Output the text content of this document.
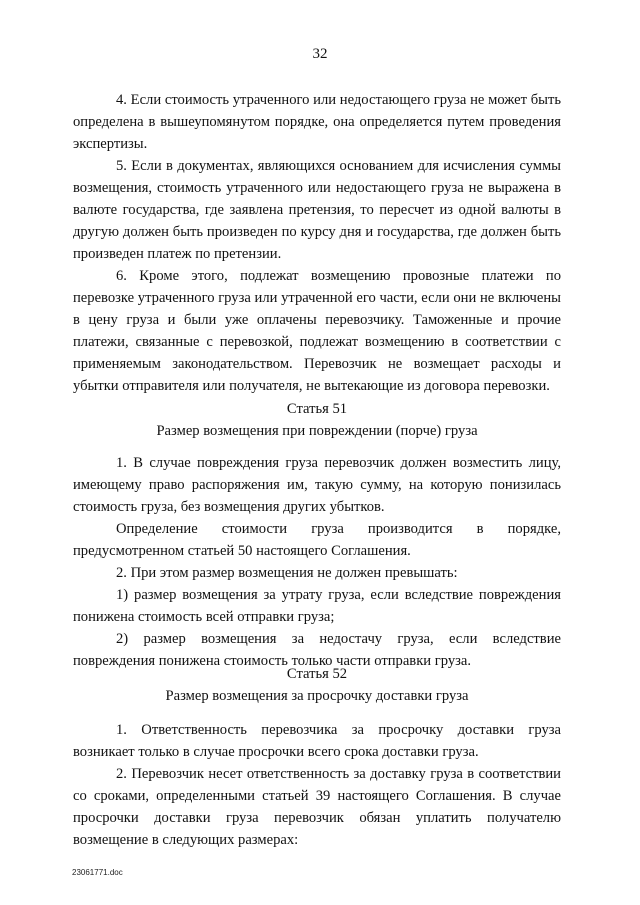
32

4. Если стоимость утраченного или недостающего груза не может быть определена в вышеупомянутом порядке, она определяется путем проведения экспертизы.

5. Если в документах, являющихся основанием для исчисления суммы возмещения, стоимость утраченного или недостающего груза не выражена в валюте государства, где заявлена претензия, то пересчет из одной валюты в другую должен быть произведен по курсу дня и государства, где должен быть произведен платеж по претензии.

6. Кроме этого, подлежат возмещению провозные платежи по перевозке утраченного груза или утраченной его части, если они не включены в цену груза и были уже оплачены перевозчику. Таможенные и прочие платежи, связанные с перевозкой, подлежат возмещению в соответствии с применяемым законодательством. Перевозчик не возмещает расходы и убытки отправителя или получателя, не вытекающие из договора перевозки.

Статья 51

Размер возмещения при повреждении (порче) груза

1. В случае повреждения груза перевозчик должен возместить лицу, имеющему право распоряжения им, такую сумму, на которую понизилась стоимость груза, без возмещения других убытков.

Определение стоимости груза производится в порядке, предусмотренном статьей 50 настоящего Соглашения.

2. При этом размер возмещения не должен превышать:

1) размер возмещения за утрату груза, если вследствие повреждения понижена стоимость всей отправки груза;

2) размер возмещения за недостачу груза, если вследствие повреждения понижена стоимость только части отправки груза.

Статья 52

Размер возмещения за просрочку доставки груза

1. Ответственность перевозчика за просрочку доставки груза возникает только в случае просрочки всего срока доставки груза.

2. Перевозчик несет ответственность за доставку груза в соответствии со сроками, определенными статьей 39 настоящего Соглашения. В случае просрочки доставки груза перевозчик обязан уплатить получателю возмещение в следующих размерах:

23061771.doc
